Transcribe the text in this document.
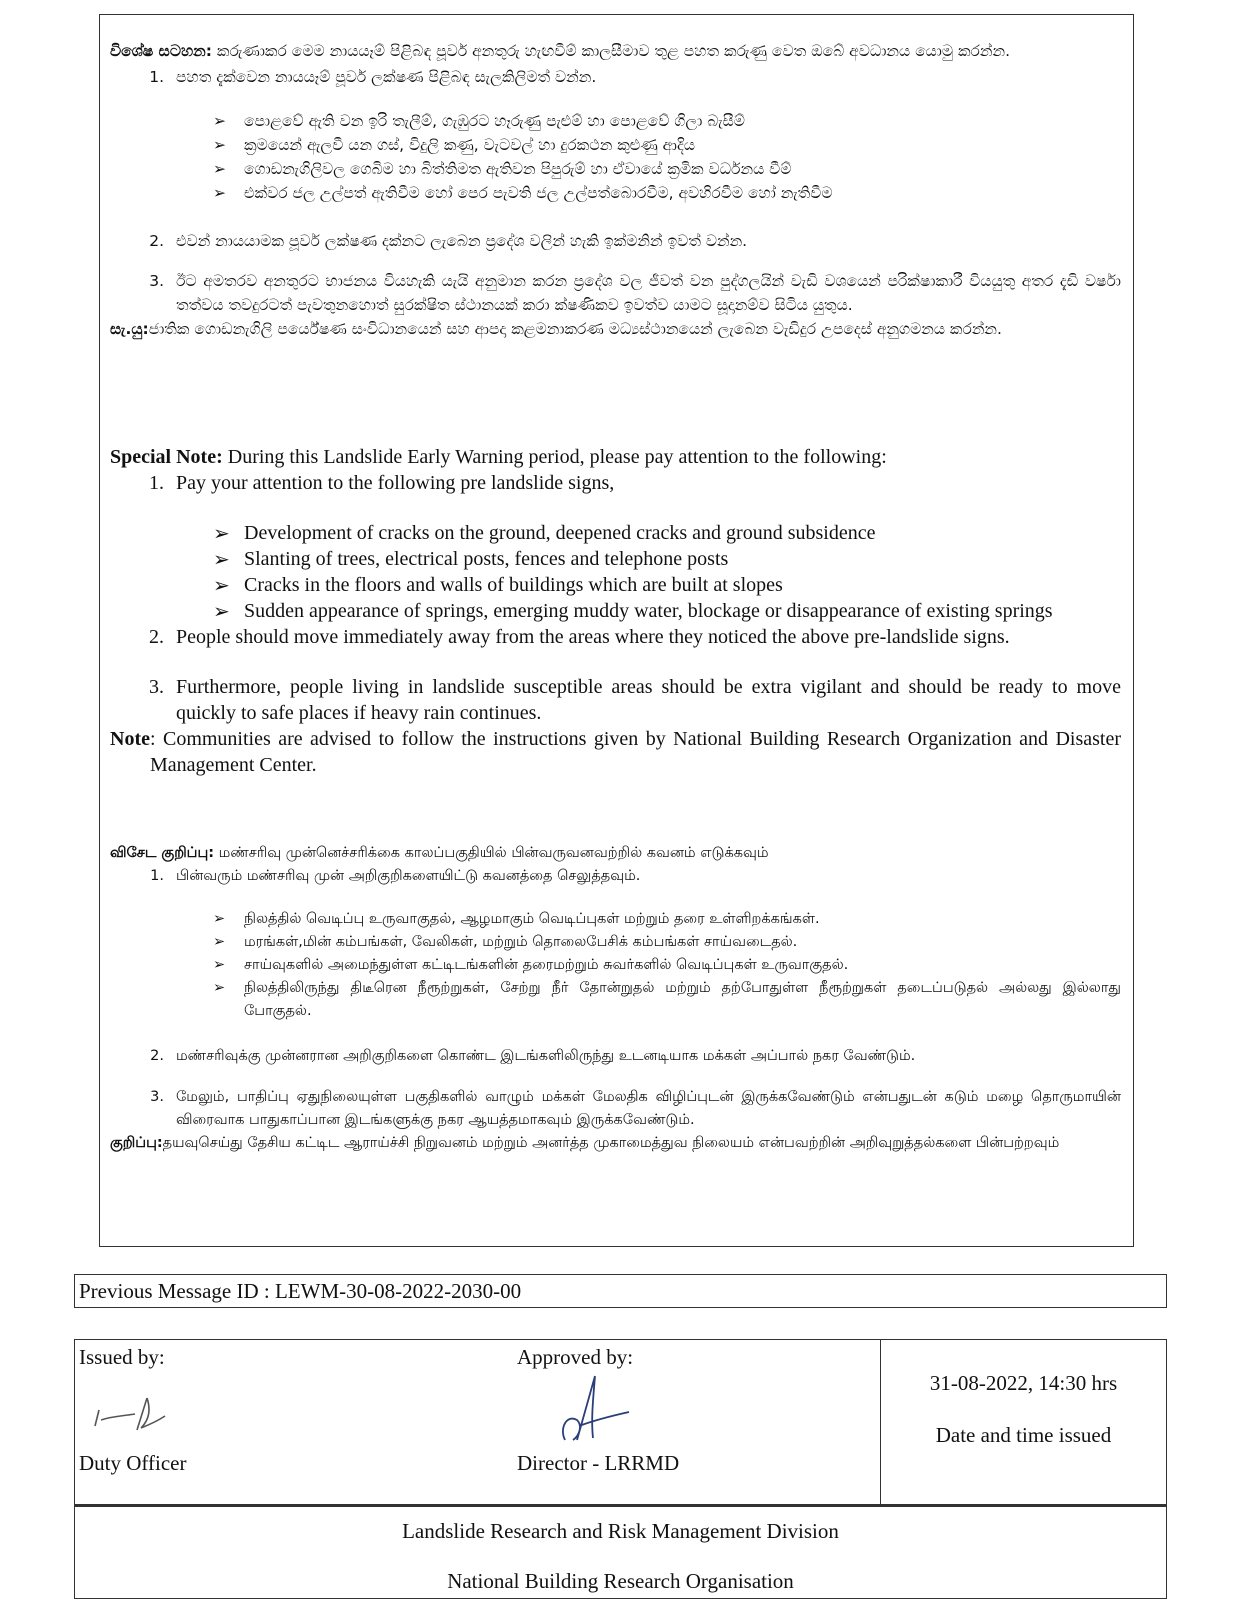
විශේෂ සටහන: කරුණාකර මෙම නායයෑම් පිළිබඳ පූර්ව අනතුරු හැඟවීම් කාලසීමාව තුළ පහත කරුණු වෙත ඔබේ අවධානය යොමු කරන්න.

1. පහත දැක්වෙන නායයෑම් පූර්ව ලක්ෂණ පිළිබඳ සැලකිලිමත් වන්න.
➢	පොළවේ ඇති වන ඉරි තැලීම්, ගැඹුරට හෑරුණු පැළුම් හා පොළවේ ගිලා බැසීම්
➢	ක්‍රමයෙන් ඇලවී යන ගස්, විදුලි කණු, වැටවල් හා දුරකථන කුළුණු ආදිය
➢	ගොඩනැගිලිවල ගෙබිම හා බිත්තිමත ඇතිවන පිපුරුම් හා ඒවායේ ක්‍රමික වර්ධනය වීම්
➢	එක්වර ජල උල්පත් ඇතිවීම හෝ පෙර පැවති ජල උල්පත්බොරවීම, අවහිරවීම හෝ නැතිවීම
2. එවන් නායයාමක පූර්ව ලක්ෂණ දක්නට ලැබෙන ප්‍රදේශ වලින් හැකි ඉක්මනින් ඉවත් වන්න.
3. ඊට අමතරව අනතුරට භාජනය වියහැකි යැයි අනුමාන කරන ප්‍රදේශ වල ජීවත් වන පුද්ගලයින් වැඩි වශයෙන් පරික්ෂාකාරී වියයුතු අතර දැඩි වර්ෂා තත්වය තවදුරටත් පැවතුනහොත් සුරක්ෂිත ස්ථානයක් කරා ක්ෂණිකව ඉවත්ව යාමට සූදානම්ව සිටිය යුතුය.
සැ.යු: ජාතික ගොඩනැගිලි පර්යේෂණ සංවිධානයෙන් සහ ආපදා කළමනාකරණ මධ්‍යස්ථානයෙන් ලැබෙන වැඩිදුර උපදෙස් අනුගමනය කරන්න.

Special Note: During this Landslide Early Warning period, please pay attention to the following:

1. Pay your attention to the following pre landslide signs,
➢ Development of cracks on the ground, deepened cracks and ground subsidence
➢ Slanting of trees, electrical posts, fences and telephone posts
➢ Cracks in the floors and walls of buildings which are built at slopes
➢ Sudden appearance of springs, emerging muddy water, blockage or disappearance of existing springs
2. People should move immediately away from the areas where they noticed the above pre-landslide signs.
3. Furthermore, people living in landslide susceptible areas should be extra vigilant and should be ready to move quickly to safe places if heavy rain continues.
Note : Communities are advised to follow the instructions given by National Building Research Organization and Disaster Management Center.

விசேட குறிப்பு: மண்சரிவு முன்னெச்சரிக்கை காலப்பகுதியில் பின்வருவனவற்றில் கவனம் எடுக்கவும்

1. பின்வரும் மண்சரிவு முன் அறிகுறிகளையிட்டு கவனத்தை செலுத்தவும்.
➢	நிலத்தில் வெடிப்பு உருவாகுதல், ஆழமாகும் வெடிப்புகள் மற்றும் தரை உள்ளிறக்கங்கள்.
➢	மரங்கள்,மின் கம்பங்கள், வேலிகள், மற்றும் தொலைபேசிக் கம்பங்கள் சாய்வடைதல்.
➢	சாய்வுகளில் அமைந்துள்ள கட்டிடங்களின் தரைமற்றும் சுவர்களில் வெடிப்புகள் உருவாகுதல்.
➢	நிலத்திலிருந்து திடீரென நீரூற்றுகள், சேற்று நீர் தோன்றுதல் மற்றும் தற்போதுள்ள நீரூற்றுகள் தடைப்படுதல் அல்லது இல்லாது போகுதல்.
2. மண்சரிவுக்கு முன்னரான அறிகுறிகளை கொண்ட இடங்களிலிருந்து உடனடியாக மக்கள் அப்பால் நகர வேண்டும்.
3. மேலும், பாதிப்பு ஏதுநிலையுள்ள பகுதிகளில் வாழும் மக்கள் மேலதிக விழிப்புடன் இருக்கவேண்டும் என்பதுடன் கடும் மழை தொருமாயின் விரைவாக பாதுகாப்பான இடங்களுக்கு நகர ஆயத்தமாகவும் இருக்கவேண்டும்.
குறிப்பு: தயவுசெய்து தேசிய கட்டிட ஆராய்ச்சி நிறுவனம் மற்றும் அனர்த்த முகாமைத்துவ நிலையம் என்பவற்றின் அறிவுறுத்தல்களை பின்பற்றவும்
Previous Message ID : LEWM-30-08-2022-2030-00
Issued by:
Duty Officer
Approved by:
Director - LRRMD
31-08-2022, 14:30 hrs
Date and time issued
Landslide Research and Risk Management Division
National Building Research Organisation
